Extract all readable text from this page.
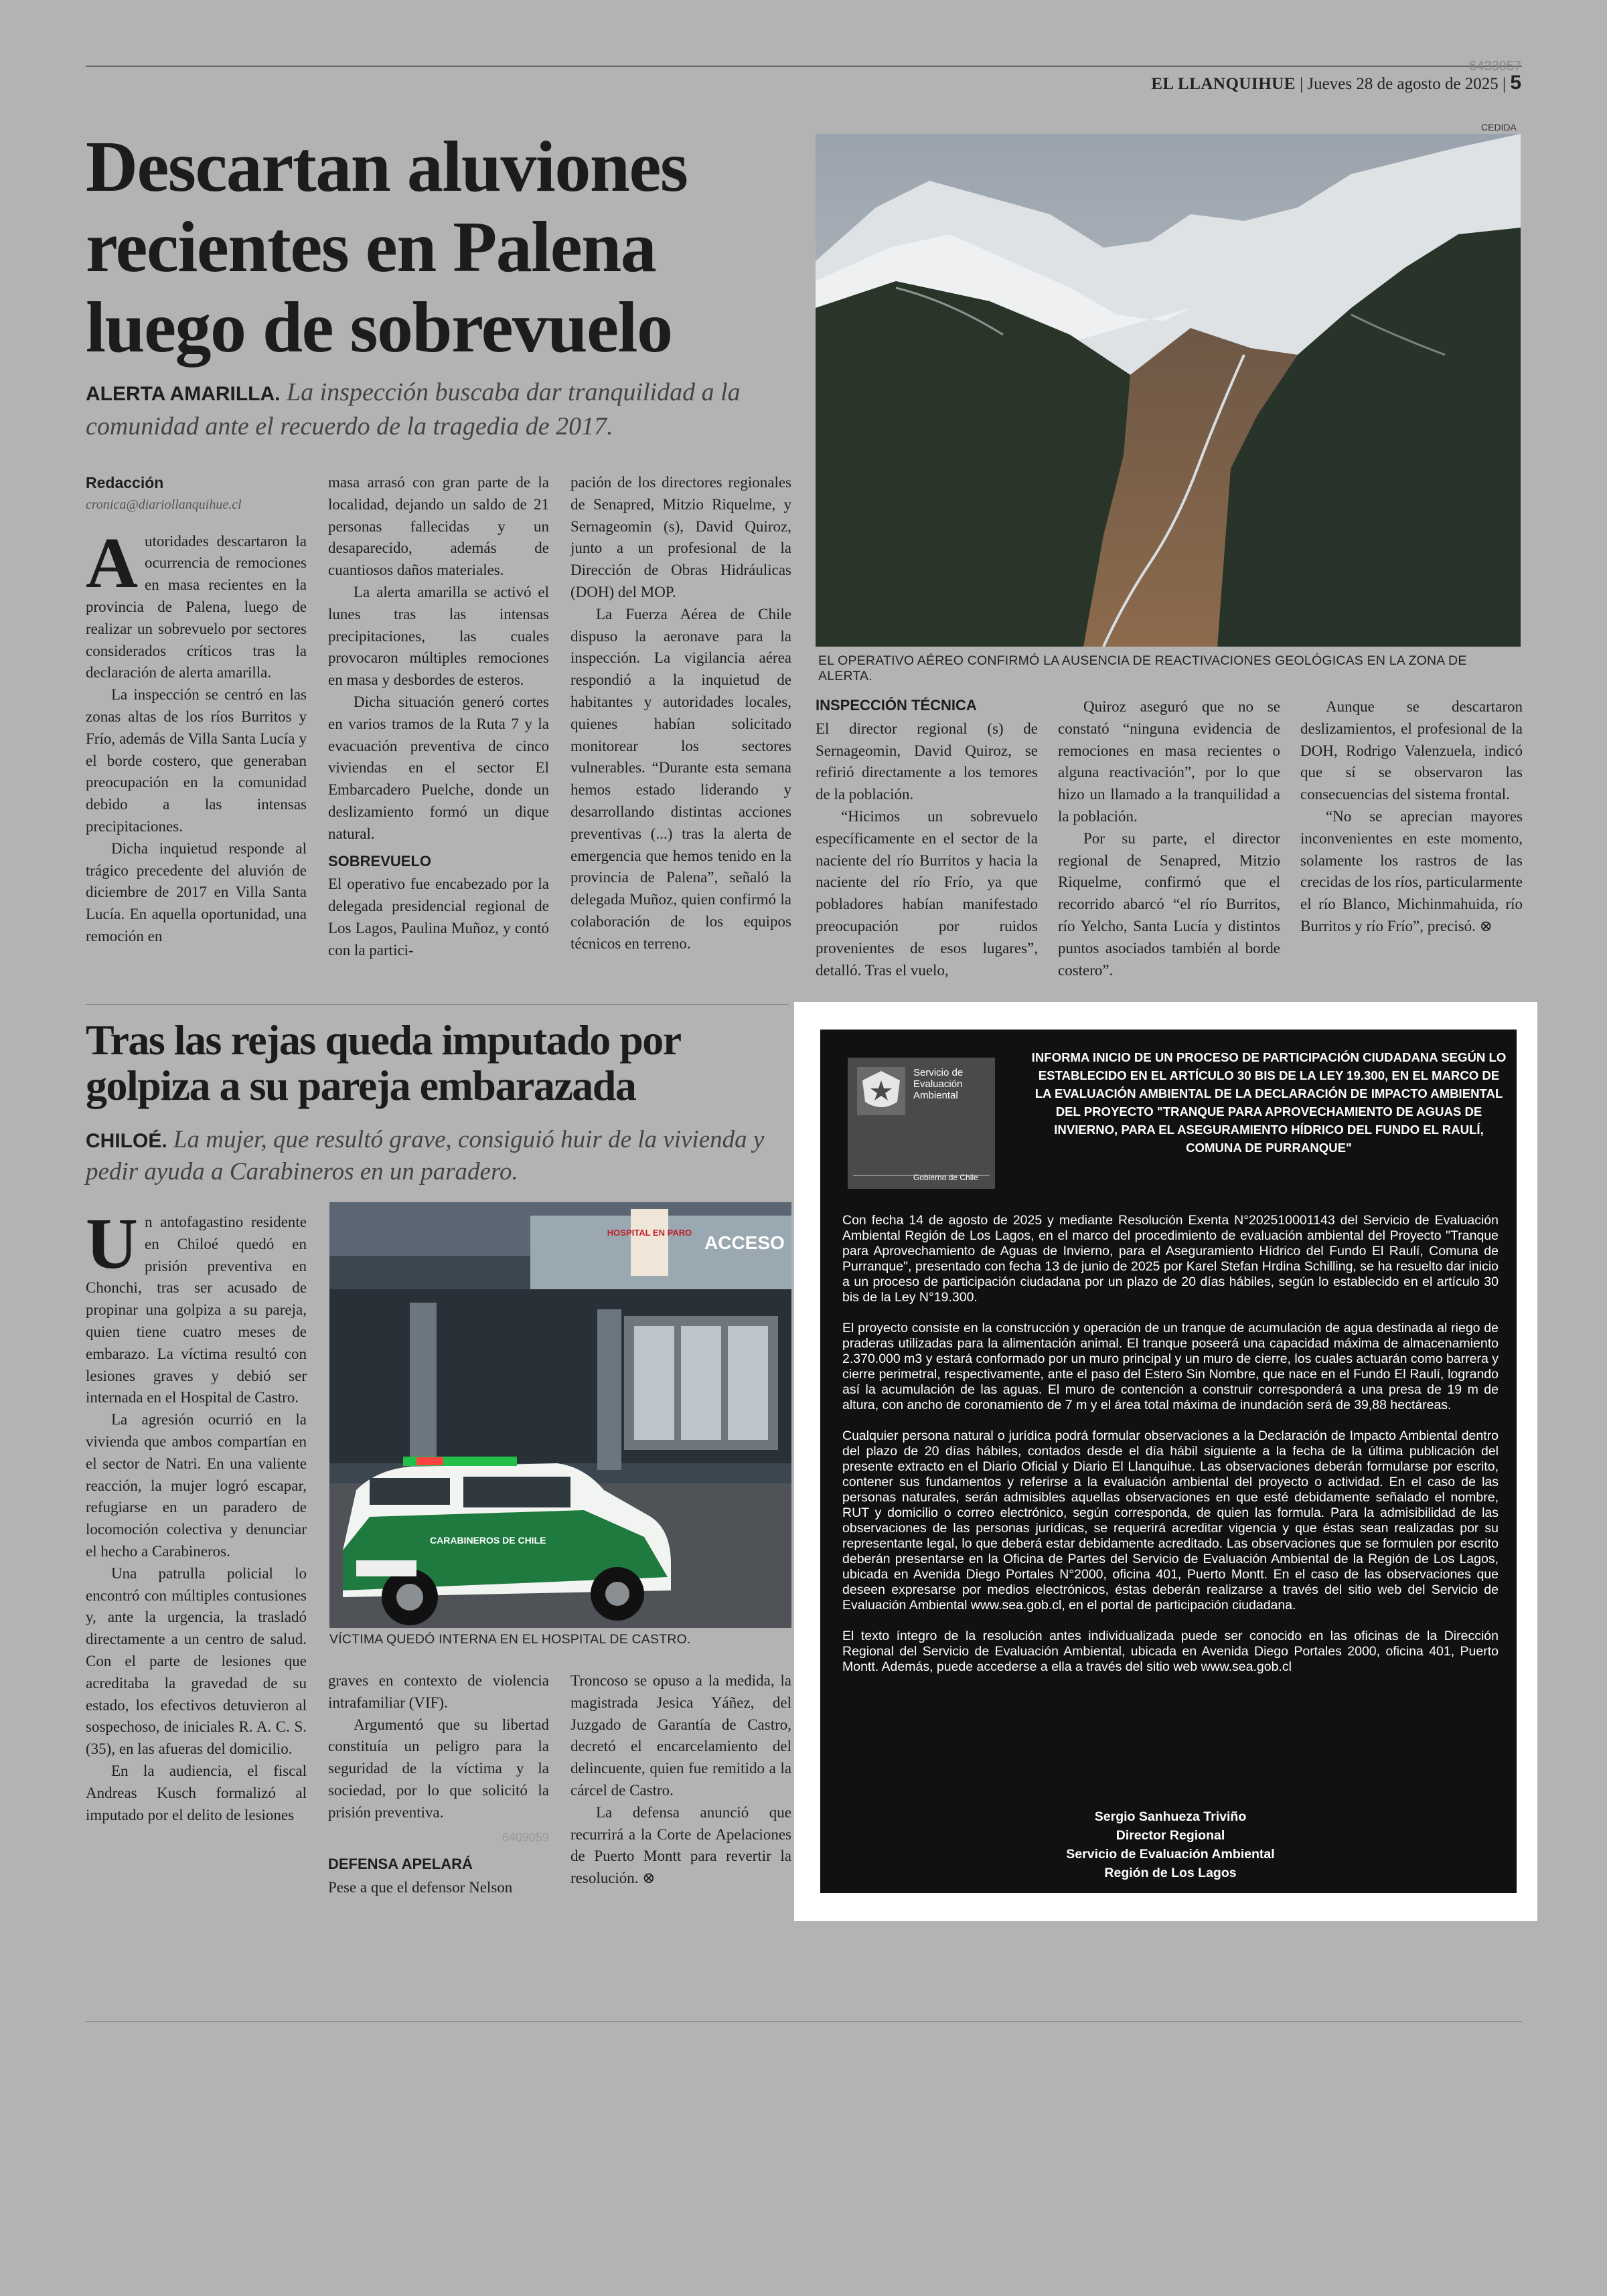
6433057
EL LLANQUIHUE | Jueves 28 de agosto de 2025 | 5
Descartan aluviones
recientes en Palena
luego de sobrevuelo
ALERTA AMARILLA. La inspección buscaba dar tranquilidad a la comunidad ante el recuerdo de la tragedia de 2017.
CEDIDA
EL OPERATIVO AÉREO CONFIRMÓ LA AUSENCIA DE REACTIVACIONES GEOLÓGICAS EN LA ZONA DE ALERTA.
Redacción
cronica@diariollanquihue.cl

Autoridades descartaron la ocurrencia de remociones en masa recientes en la provincia de Palena, luego de realizar un sobrevuelo por sectores considerados críticos tras la declaración de alerta amarilla.

La inspección se centró en las zonas altas de los ríos Burritos y Frío, además de Villa Santa Lucía y el borde costero, que generaban preocupación en la comunidad debido a las intensas precipitaciones.

Dicha inquietud responde al trágico precedente del aluvión de diciembre de 2017 en Villa Santa Lucía. En aquella oportunidad, una remoción en

masa arrasó con gran parte de la localidad, dejando un saldo de 21 personas fallecidas y un desaparecido, además de cuantiosos daños materiales.

La alerta amarilla se activó el lunes tras las intensas precipitaciones, las cuales provocaron múltiples remociones en masa y desbordes de esteros.

Dicha situación generó cortes en varios tramos de la Ruta 7 y la evacuación preventiva de cinco viviendas en el sector El Embarcadero Puelche, donde un deslizamiento formó un dique natural.

SOBREVUELO

El operativo fue encabezado por la delegada presidencial regional de Los Lagos, Paulina Muñoz, y contó con la partici-

pación de los directores regionales de Senapred, Mitzio Riquelme, y Sernageomin (s), David Quiroz, junto a un profesional de la Dirección de Obras Hidráulicas (DOH) del MOP.

La Fuerza Aérea de Chile dispuso la aeronave para la inspección. La vigilancia aérea respondió a la inquietud de habitantes y autoridades locales, quienes habían solicitado monitorear los sectores vulnerables. “Durante esta semana hemos estado liderando y desarrollando distintas acciones preventivas (...) tras la alerta de emergencia que hemos tenido en la provincia de Palena”, señaló la delegada Muñoz, quien confirmó la colaboración de los equipos técnicos en terreno.

INSPECCIÓN TÉCNICA

El director regional (s) de Sernageomin, David Quiroz, se refirió directamente a los temores de la población.

“Hicimos un sobrevuelo específicamente en el sector de la naciente del río Burritos y hacia la naciente del río Frío, ya que pobladores habían manifestado preocupación por ruidos provenientes de esos lugares”, detalló. Tras el vuelo,

Quiroz aseguró que no se constató “ninguna evidencia de remociones en masa recientes o alguna reactivación”, por lo que hizo un llamado a la tranquilidad a la población.

Por su parte, el director regional de Senapred, Mitzio Riquelme, confirmó que el recorrido abarcó “el río Burritos, río Yelcho, Santa Lucía y distintos puntos asociados también al borde costero”.

Aunque se descartaron deslizamientos, el profesional de la DOH, Rodrigo Valenzuela, indicó que sí se observaron las consecuencias del sistema frontal.

“No se aprecian mayores inconvenientes en este momento, solamente los rastros de las crecidas de los ríos, particularmente el río Blanco, Michinmahuida, río Burritos y río Frío”, precisó. ⊗

Tras las rejas queda imputado por
golpiza a su pareja embarazada
CHILOÉ. La mujer, que resultó grave, consiguió huir de la vivienda y pedir ayuda a Carabineros en un paradero.

Un antofagastino residente en Chiloé quedó en prisión preventiva en Chonchi, tras ser acusado de propinar una golpiza a su pareja, quien tiene cuatro meses de embarazo. La víctima resultó con lesiones graves y debió ser internada en el Hospital de Castro.

La agresión ocurrió en la vivienda que ambos compartían en el sector de Natri. En una valiente reacción, la mujer logró escapar, refugiarse en un paradero de locomoción colectiva y denunciar el hecho a Carabineros.

Una patrulla policial lo encontró con múltiples contusiones y, ante la urgencia, la trasladó directamente a un centro de salud. Con el parte de lesiones que acreditaba la gravedad de su estado, los efectivos detuvieron al sospechoso, de iniciales R. A. C. S. (35), en las afueras del domicilio.

En la audiencia, el fiscal Andreas Kusch formalizó al imputado por el delito de lesiones

HOSPITAL EN PARO ACCESO
CARABINEROS DE CHILE
VÍCTIMA QUEDÓ INTERNA EN EL HOSPITAL DE CASTRO.

graves en contexto de violencia intrafamiliar (VIF).

Argumentó que su libertad constituía un peligro para la seguridad de la víctima y la sociedad, por lo que solicitó la prisión preventiva.

6409059
DEFENSA APELARÁ

Pese a que el defensor Nelson

Troncoso se opuso a la medida, la magistrada Jesica Yáñez, del Juzgado de Garantía de Castro, decretó el encarcelamiento del delincuente, quien fue remitido a la cárcel de Castro.

La defensa anunció que recurrirá a la Corte de Apelaciones de Puerto Montt para revertir la resolución. ⊗

Servicio de
Evaluación
Ambiental
Gobierno de Chile
INFORMA INICIO DE UN PROCESO DE PARTICIPACIÓN CIUDADANA SEGÚN LO ESTABLECIDO EN EL ARTÍCULO 30 BIS DE LA LEY 19.300, EN EL MARCO DE LA EVALUACIÓN AMBIENTAL DE LA DECLARACIÓN DE IMPACTO AMBIENTAL DEL PROYECTO "TRANQUE PARA APROVECHAMIENTO DE AGUAS DE INVIERNO, PARA EL ASEGURAMIENTO HÍDRICO DEL FUNDO EL RAULÍ, COMUNA DE PURRANQUE"

Con fecha 14 de agosto de 2025 y mediante Resolución Exenta N°202510001143 del Servicio de Evaluación Ambiental Región de Los Lagos, en el marco del procedimiento de evaluación ambiental del Proyecto "Tranque para Aprovechamiento de Aguas de Invierno, para el Aseguramiento Hídrico del Fundo El Raulí, Comuna de Purranque", presentado con fecha 13 de junio de 2025 por Karel Stefan Hrdina Schilling, se ha resuelto dar inicio a un proceso de participación ciudadana por un plazo de 20 días hábiles, según lo establecido en el artículo 30 bis de la Ley N°19.300.

El proyecto consiste en la construcción y operación de un tranque de acumulación de agua destinada al riego de praderas utilizadas para la alimentación animal. El tranque poseerá una capacidad máxima de almacenamiento 2.370.000 m3 y estará conformado por un muro principal y un muro de cierre, los cuales actuarán como barrera y cierre perimetral, respectivamente, ante el paso del Estero Sin Nombre, que nace en el Fundo El Raulí, logrando así la acumulación de las aguas. El muro de contención a construir corresponderá a una presa de 19 m de altura, con ancho de coronamiento de 7 m y el área total máxima de inundación será de 39,88 hectáreas.

Cualquier persona natural o jurídica podrá formular observaciones a la Declaración de Impacto Ambiental dentro del plazo de 20 días hábiles, contados desde el día hábil siguiente a la fecha de la última publicación del presente extracto en el Diario Oficial y Diario El Llanquihue. Las observaciones deberán formularse por escrito, contener sus fundamentos y referirse a la evaluación ambiental del proyecto o actividad. En el caso de las personas naturales, serán admisibles aquellas observaciones en que esté debidamente señalado el nombre, RUT y domicilio o correo electrónico, según corresponda, de quien las formula. Para la admisibilidad de las observaciones de las personas jurídicas, se requerirá acreditar vigencia y que éstas sean realizadas por su representante legal, lo que deberá estar debidamente acreditado. Las observaciones que se formulen por escrito deberán presentarse en la Oficina de Partes del Servicio de Evaluación Ambiental de la Región de Los Lagos, ubicada en Avenida Diego Portales N°2000, oficina 401, Puerto Montt. En el caso de las observaciones que deseen expresarse por medios electrónicos, éstas deberán realizarse a través del sitio web del Servicio de Evaluación Ambiental www.sea.gob.cl, en el portal de participación ciudadana.

El texto íntegro de la resolución antes individualizada puede ser conocido en las oficinas de la Dirección Regional del Servicio de Evaluación Ambiental, ubicada en Avenida Diego Portales 2000, oficina 401, Puerto Montt. Además, puede accederse a ella a través del sitio web www.sea.gob.cl

Sergio Sanhueza Triviño
Director Regional
Servicio de Evaluación Ambiental
Región de Los Lagos
